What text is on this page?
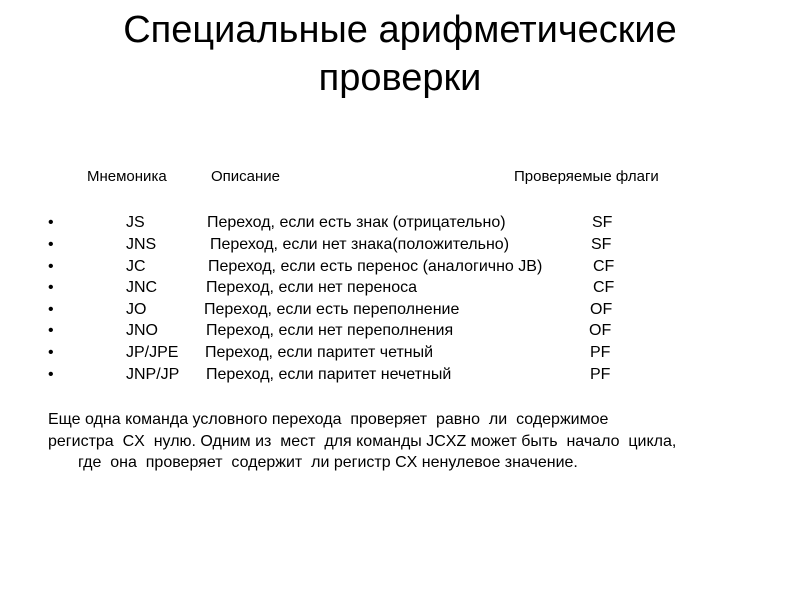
Специальные арифметические
проверки
Мнемоника	Описание	Проверяемые флаги
•	JS	Переход, если есть знак (отрицательно)	SF
•	JNS	Переход, если нет знака(положительно)	SF
•	JC	Переход, если есть перенос (аналогично JB)	CF
•	JNC	Переход, если нет переноса	CF
•	JO	Переход, если есть переполнение	OF
•	JNO	Переход, если нет переполнения	OF
•	JP/JPE Переход, если паритет четный	PF
•	JNP/JP Переход, если паритет нечетный	PF
Еще одна команда условного перехода  проверяет  равно  ли  содержимое
регистра  CX  нулю. Одним из  мест  для команды JCXZ может быть  начало  цикла,
где  она  проверяет  содержит  ли регистр CX ненулевое значение.
